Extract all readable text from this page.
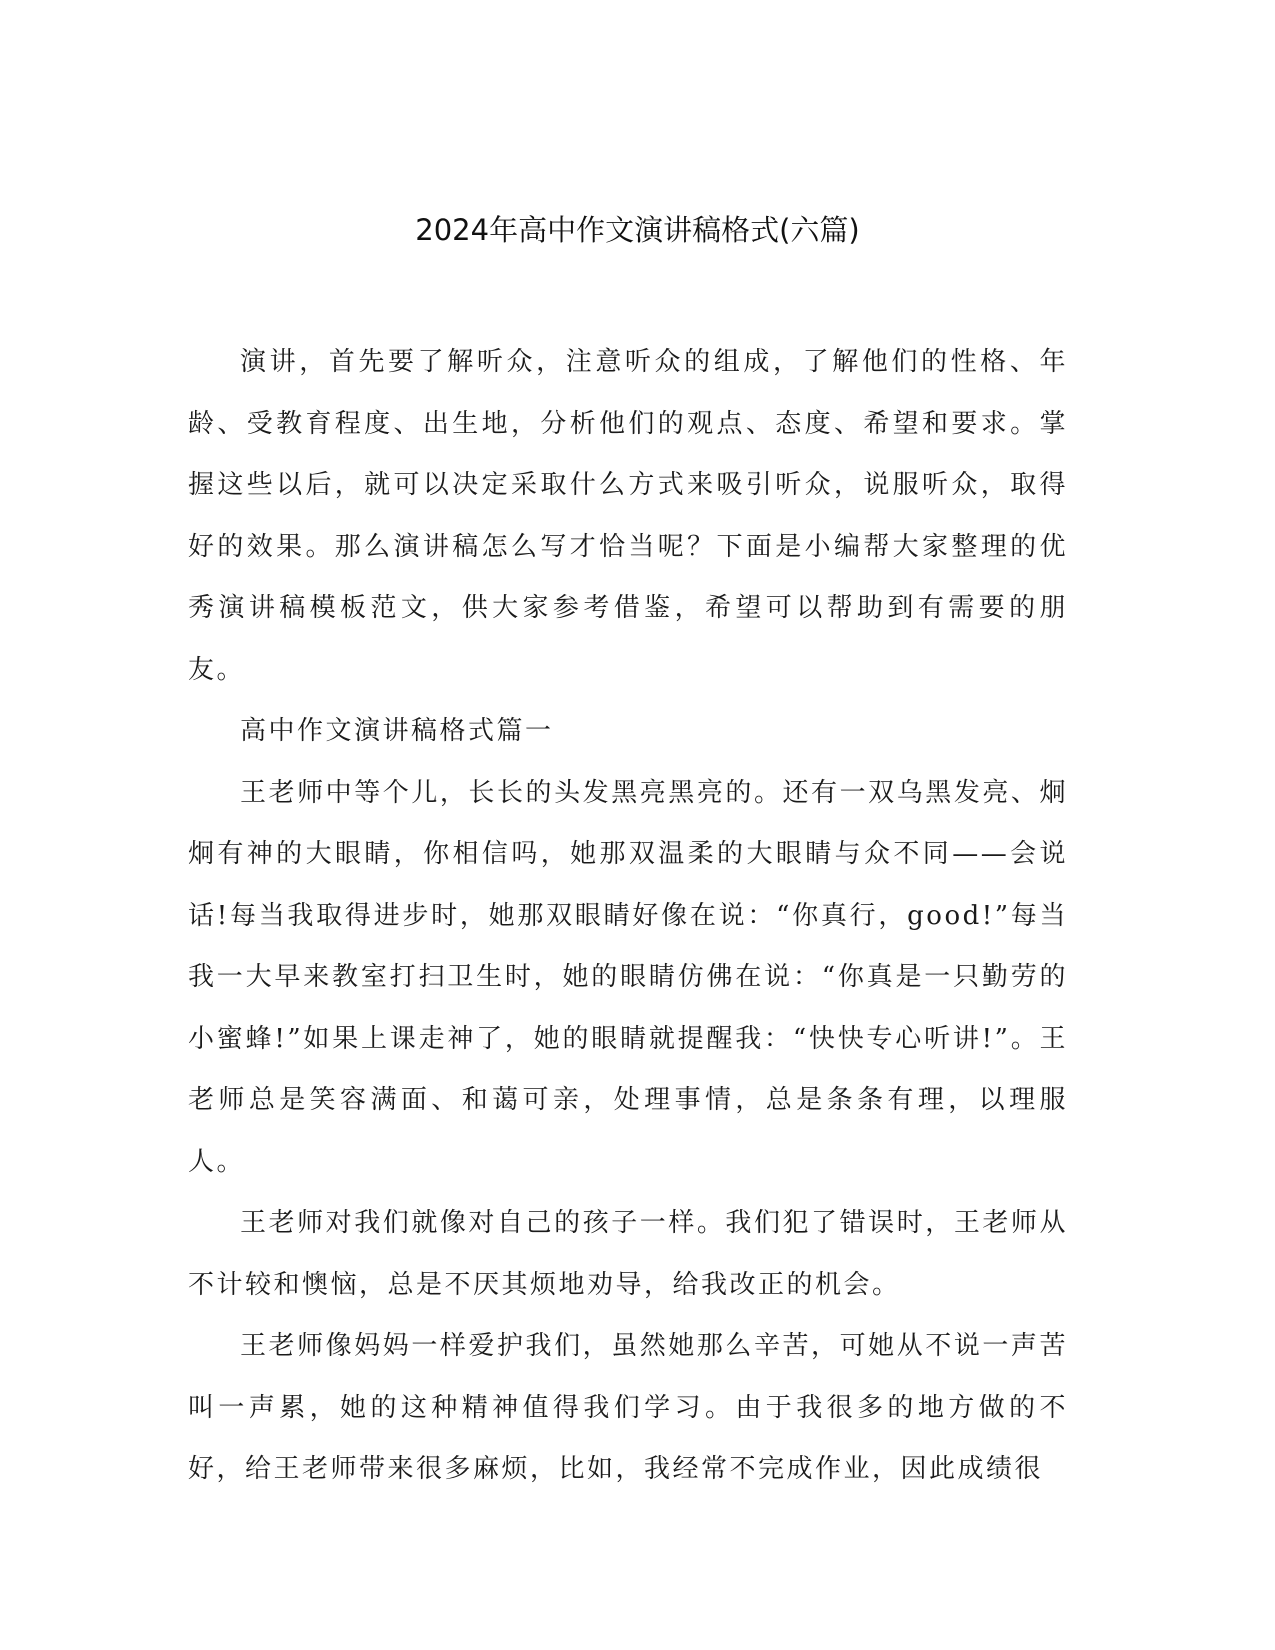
2024年高中作文演讲稿格式(六篇)

演讲，首先要了解听众，注意听众的组成，了解他们的性格、年龄、受教育程度、出生地，分析他们的观点、态度、希望和要求。掌握这些以后，就可以决定采取什么方式来吸引听众，说服听众，取得好的效果。那么演讲稿怎么写才恰当呢？下面是小编帮大家整理的优秀演讲稿模板范文，供大家参考借鉴，希望可以帮助到有需要的朋友。

高中作文演讲稿格式篇一

王老师中等个儿，长长的头发黑亮黑亮的。还有一双乌黑发亮、炯炯有神的大眼睛，你相信吗，她那双温柔的大眼睛与众不同——会说话!每当我取得进步时，她那双眼睛好像在说：“你真行，good!”每当我一大早来教室打扫卫生时，她的眼睛仿佛在说：“你真是一只勤劳的小蜜蜂!”如果上课走神了，她的眼睛就提醒我：“快快专心听讲!”。王老师总是笑容满面、和蔼可亲，处理事情，总是条条有理，以理服人。

王老师对我们就像对自己的孩子一样。我们犯了错误时，王老师从不计较和懊恼，总是不厌其烦地劝导，给我改正的机会。

王老师像妈妈一样爱护我们，虽然她那么辛苦，可她从不说一声苦叫一声累，她的这种精神值得我们学习。由于我很多的地方做的不好，给王老师带来很多麻烦，比如，我经常不完成作业，因此成绩很
